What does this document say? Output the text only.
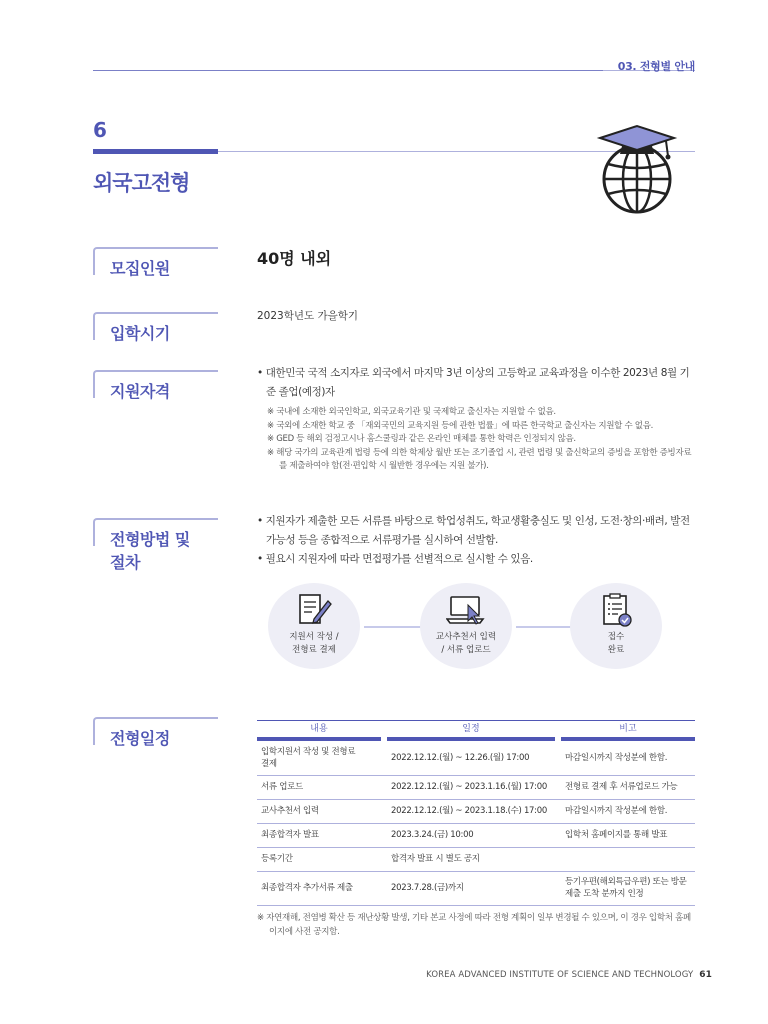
03. 전형별 안내
6
외국고전형
모집인원
40명 내외
입학시기
2023학년도 가을학기
지원자격
• 대한민국 국적 소지자로 외국에서 마지막 3년 이상의 고등학교 교육과정을 이수한 2023년 8월 기준 졸업(예정)자
※ 국내에 소재한 외국인학교, 외국교육기관 및 국제학교 출신자는 지원할 수 없음.
※ 국외에 소재한 학교 중 「재외국민의 교육지원 등에 관한 법률」에 따른 한국학교 출신자는 지원할 수 없음.
※ GED 등 해외 검정고시나 홈스쿨링과 같은 온라인 매체를 통한 학력은 인정되지 않음.
※ 해당 국가의 교육관계 법령 등에 의한 학제상 월반 또는 조기졸업 시, 관련 법령 및 출신학교의 증빙을 포함한 증빙자료를 제출하여야 함(전·편입학 시 월반한 경우에는 지원 불가).
전형방법 및 절차
• 지원자가 제출한 모든 서류를 바탕으로 학업성취도, 학교생활충실도 및 인성, 도전·창의·배려, 발전가능성 등을 종합적으로 서류평가를 실시하여 선발함.
• 필요시 지원자에 따라 면접평가를 선별적으로 실시할 수 있음.
지원서 작성 /
전형료 결제
교사추천서 입력
/ 서류 업로드
접수
완료
전형일정	내용	일정	비고

입학지원서 작성 및 전형료 결제	2022.12.12.(월) ~ 12.26.(월) 17:00	마감일시까지 작성분에 한함.
서류 업로드	2022.12.12.(월) ~ 2023.1.16.(월) 17:00	전형료 결제 후 서류업로드 가능
교사추천서 입력	2022.12.12.(월) ~ 2023.1.18.(수) 17:00	마감일시까지 작성분에 한함.
최종합격자 발표	2023.3.24.(금) 10:00	입학처 홈페이지를 통해 발표
등록기간	합격자 발표 시 별도 공지	
최종합격자 추가서류 제출	2023.7.28.(금)까지	등기우편(해외특급우편) 또는 방문 제출 도착 분까지 인정
※ 자연재해, 전염병 확산 등 재난상황 발생, 기타 본교 사정에 따라 전형 계획이 일부 변경될 수 있으며, 이 경우 입학처 홈페이지에 사전 공지함.
KOREA ADVANCED INSTITUTE OF SCIENCE AND TECHNOLOGY 61
